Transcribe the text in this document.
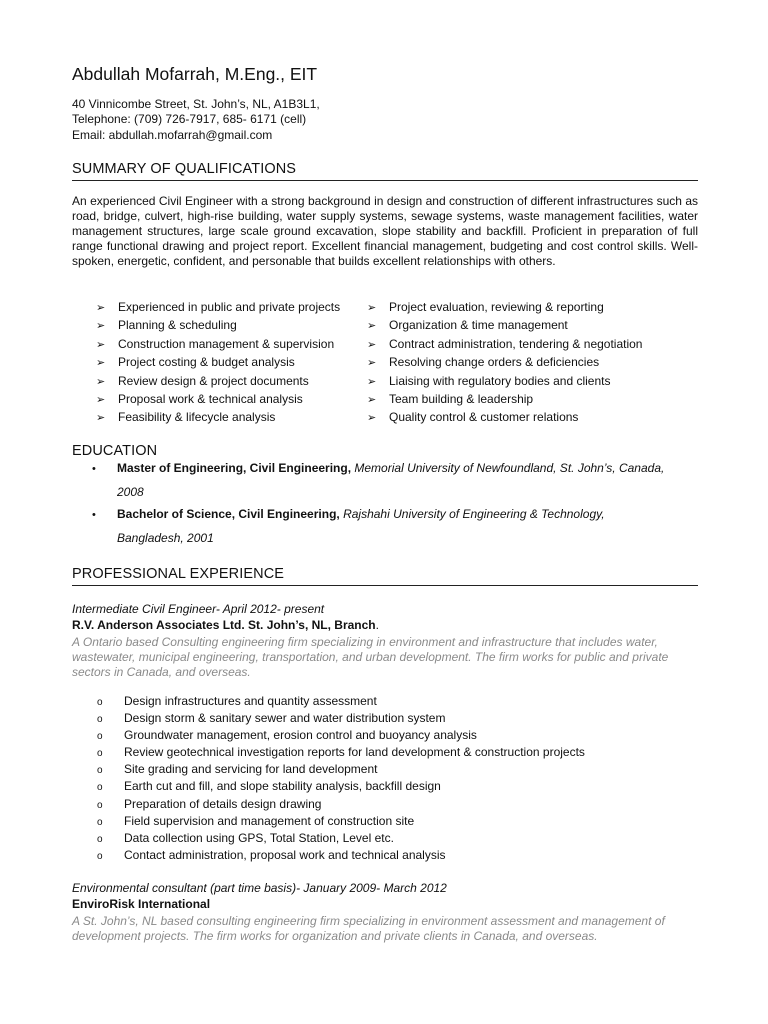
Abdullah Mofarrah, M.Eng., EIT
40 Vinnicombe Street, St. John’s, NL, A1B3L1,
Telephone: (709) 726-7917, 685- 6171 (cell)
Email: abdullah.mofarrah@gmail.com
SUMMARY OF QUALIFICATIONS
An experienced Civil Engineer with a strong background in design and construction of different infrastructures such as road, bridge, culvert, high-rise building, water supply systems, sewage systems, waste management facilities, water management structures, large scale ground excavation, slope stability and backfill. Proficient in preparation of full range functional drawing and project report. Excellent financial management, budgeting and cost control skills. Well-spoken, energetic, confident, and personable that builds excellent relationships with others.
➢ Experienced in public and private projects
➢ Planning & scheduling
➢ Construction management & supervision
➢ Project costing & budget analysis
➢ Review design & project documents
➢ Proposal work & technical analysis
➢ Feasibility & lifecycle analysis
➢ Project evaluation, reviewing & reporting
➢ Organization & time management
➢ Contract administration, tendering & negotiation
➢ Resolving change orders & deficiencies
➢ Liaising with regulatory bodies and clients
➢ Team building & leadership
➢ Quality control & customer relations
EDUCATION
• Master of Engineering, Civil Engineering, Memorial University of Newfoundland, St. John’s, Canada,
2008
• Bachelor of Science, Civil Engineering, Rajshahi University of Engineering & Technology,
Bangladesh, 2001
PROFESSIONAL EXPERIENCE
Intermediate Civil Engineer- April 2012- present
R.V. Anderson Associates Ltd. St. John’s, NL, Branch.
A Ontario based Consulting engineering firm specializing in environment and infrastructure that includes water, wastewater, municipal engineering, transportation, and urban development. The firm works for public and private sectors in Canada, and overseas.
o Design infrastructures and quantity assessment
o Design storm & sanitary sewer and water distribution system
o Groundwater management, erosion control and buoyancy analysis
o Review geotechnical investigation reports for land development & construction projects
o Site grading and servicing for land development
o Earth cut and fill, and slope stability analysis, backfill design
o Preparation of details design drawing
o Field supervision and management of construction site
o Data collection using GPS, Total Station, Level etc.
o Contact administration, proposal work and technical analysis
Environmental consultant (part time basis)- January 2009- March 2012
EnviroRisk International
A St. John’s, NL based consulting engineering firm specializing in environment assessment and management of development projects. The firm works for organization and private clients in Canada, and overseas.
